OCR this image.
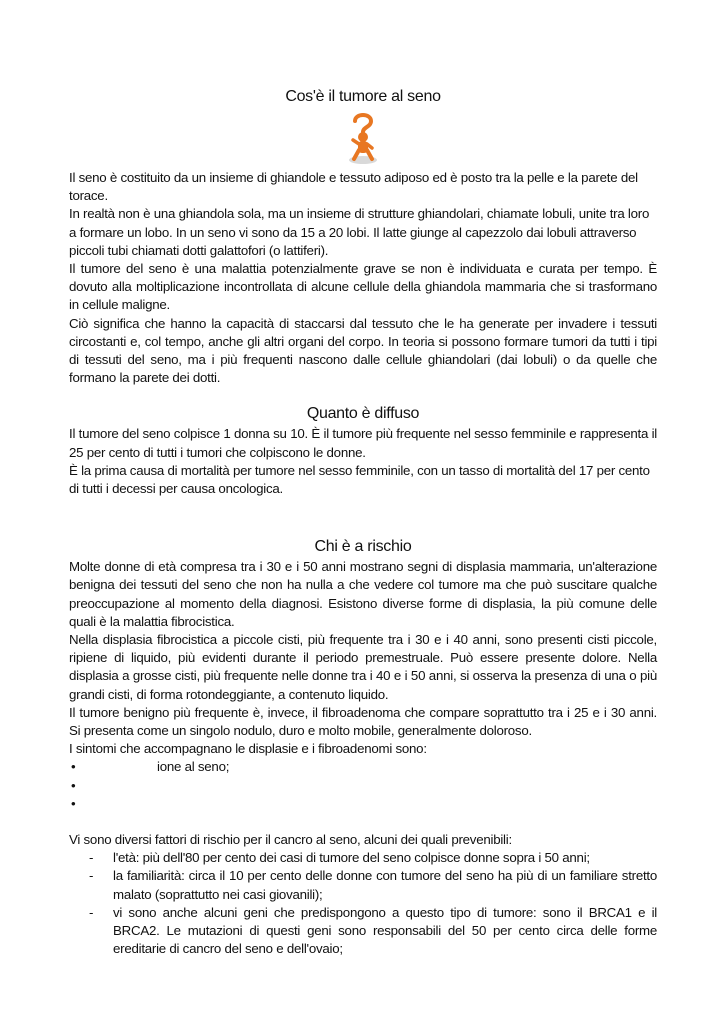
Cos'è il tumore al seno

Il seno è costituito da un insieme di ghiandole e tessuto adiposo ed è posto tra la pelle e la parete del torace.

In realtà non è una ghiandola sola, ma un insieme di strutture ghiandolari, chiamate lobuli, unite tra loro a formare un lobo. In un seno vi sono da 15 a 20 lobi. Il latte giunge al capezzolo dai lobuli attraverso piccoli tubi chiamati dotti galattofori (o lattiferi).

Il tumore del seno è una malattia potenzialmente grave se non è individuata e curata per tempo. È dovuto alla moltiplicazione incontrollata di alcune cellule della ghiandola mammaria che si trasformano in cellule maligne.

Ciò significa che hanno la capacità di staccarsi dal tessuto che le ha generate per invadere i tessuti circostanti e, col tempo, anche gli altri organi del corpo. In teoria si possono formare tumori da tutti i tipi di tessuti del seno, ma i più frequenti nascono dalle cellule ghiandolari (dai lobuli) o da quelle che formano la parete dei dotti.

Quanto è diffuso

Il tumore del seno colpisce 1 donna su 10. È il tumore più frequente nel sesso femminile e rappresenta il 25 per cento di tutti i tumori che colpiscono le donne.

È la prima causa di mortalità per tumore nel sesso femminile, con un tasso di mortalità del 17 per cento di tutti i decessi per causa oncologica.

Chi è a rischio

Molte donne di età compresa tra i 30 e i 50 anni mostrano segni di displasia mammaria, un'alterazione benigna dei tessuti del seno che non ha nulla a che vedere col tumore ma che può suscitare qualche preoccupazione al momento della diagnosi. Esistono diverse forme di displasia, la più comune delle quali è la malattia fibrocistica.

Nella displasia fibrocistica a piccole cisti, più frequente tra i 30 e i 40 anni, sono presenti cisti piccole, ripiene di liquido, più evidenti durante il periodo premestruale. Può essere presente dolore. Nella displasia a grosse cisti, più frequente nelle donne tra i 40 e i 50 anni, si osserva la presenza di una o più grandi cisti, di forma rotondeggiante, a contenuto liquido.

Il tumore benigno più frequente è, invece, il fibroadenoma che compare soprattutto tra i 25 e i 30 anni. Si presenta come un singolo nodulo, duro e molto mobile, generalmente doloroso.

I sintomi che accompagnano le displasie e i fibroadenomi sono:

•	ione al seno;
•
•

Vi sono diversi fattori di rischio per il cancro al seno, alcuni dei quali prevenibili:

-	l'età: più dell'80 per cento dei casi di tumore del seno colpisce donne sopra i 50 anni;
-	la familiarità: circa il 10 per cento delle donne con tumore del seno ha più di un familiare stretto malato (soprattutto nei casi giovanili);
-	vi sono anche alcuni geni che predispongono a questo tipo di tumore: sono il BRCA1 e il BRCA2. Le mutazioni di questi geni sono responsabili del 50 per cento circa delle forme ereditarie di cancro del seno e dell'ovaio;
